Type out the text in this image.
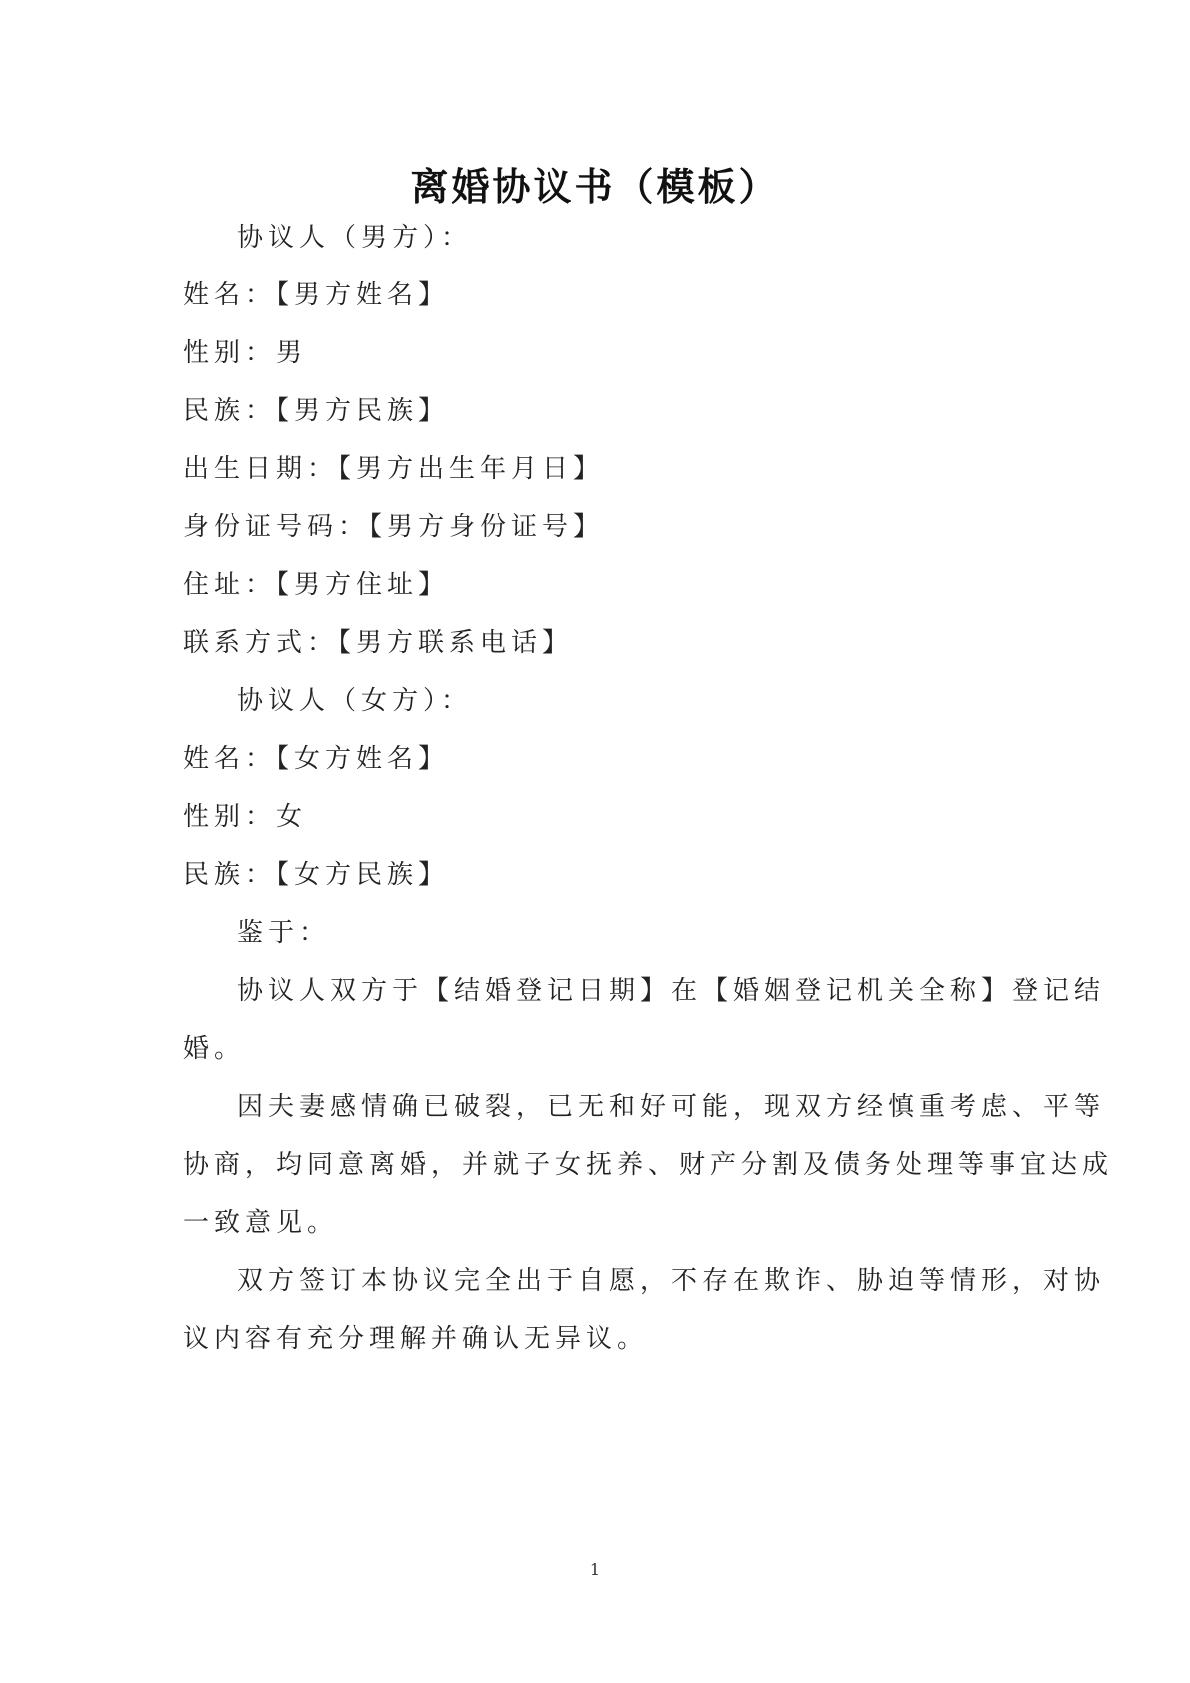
离婚协议书（模板）
协议人（男方）：
姓名：【男方姓名】
性别：男
民族：【男方民族】
出生日期：【男方出生年月日】
身份证号码：【男方身份证号】
住址：【男方住址】
联系方式：【男方联系电话】
协议人（女方）：
姓名：【女方姓名】
性别：女
民族：【女方民族】
鉴于：
协议人双方于【结婚登记日期】在【婚姻登记机关全称】登记结
婚。
因夫妻感情确已破裂，已无和好可能，现双方经慎重考虑、平等
协商，均同意离婚，并就子女抚养、财产分割及债务处理等事宜达成
一致意见。
双方签订本协议完全出于自愿，不存在欺诈、胁迫等情形，对协
议内容有充分理解并确认无异议。
1
